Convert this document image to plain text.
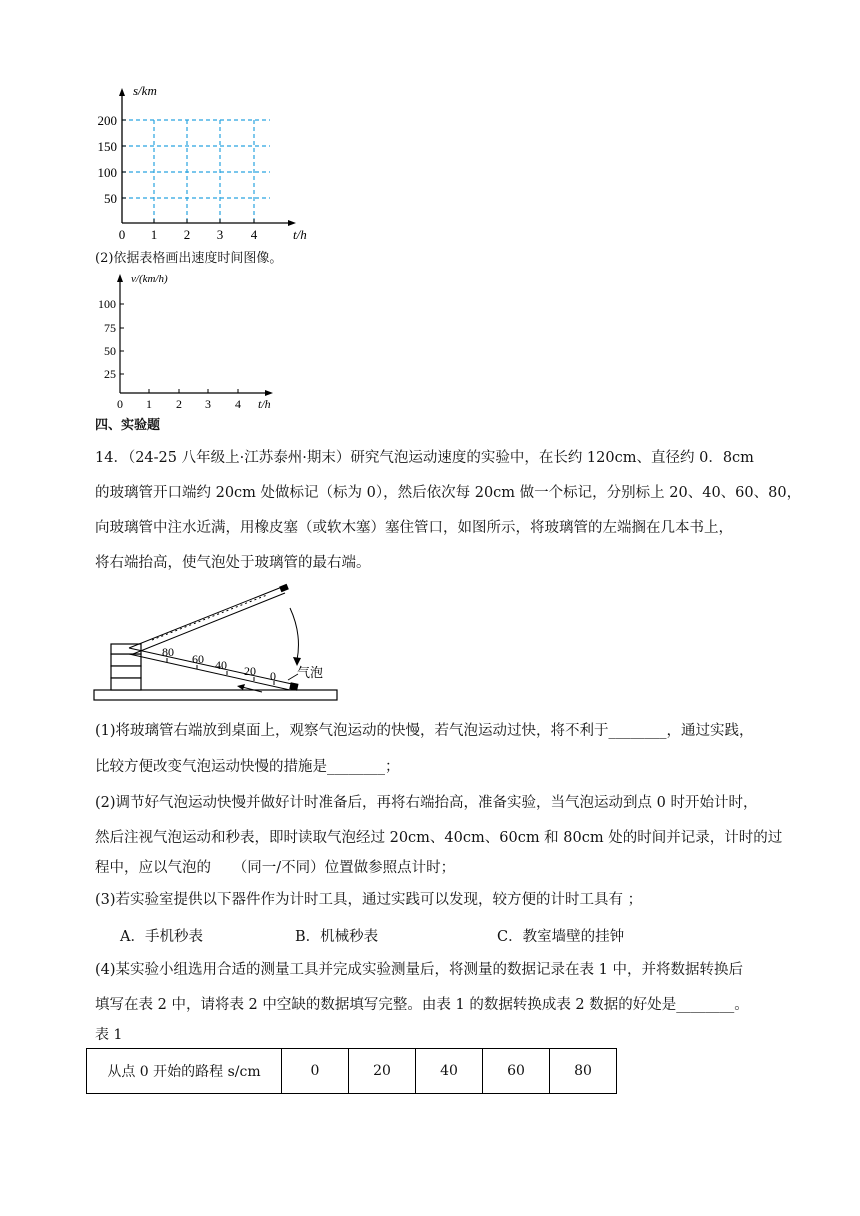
s/km
t/h
200
150
100
50
0 1 2 3 4
(2)依据表格画出速度时间图像。
v/(km/h)
t/h
100
75
50
25
0 1 2 3 4
四、实验题
14．（24-25 八年级上·江苏泰州·期末）研究气泡运动速度的实验中，在长约 120cm、直径约 0．8cm
的玻璃管开口端约 20cm 处做标记（标为 0），然后依次每 20cm 做一个标记，分别标上 20、40、60、80，
向玻璃管中注水近满，用橡皮塞（或软木塞）塞住管口，如图所示，将玻璃管的左端搁在几本书上，
将右端抬高，使气泡处于玻璃管的最右端。
80 60 40 20 0 气泡
(1)将玻璃管右端放到桌面上，观察气泡运动的快慢，若气泡运动过快，将不利于________，通过实践，
比较方便改变气泡运动快慢的措施是________；
(2)调节好气泡运动快慢并做好计时准备后，再将右端抬高，准备实验，当气泡运动到点 0 时开始计时，
然后注视气泡运动和秒表，即时读取气泡经过 20cm、40cm、60cm 和 80cm 处的时间并记录，计时的过
程中，应以气泡的　　（同一/不同）位置做参照点计时；
(3)若实验室提供以下器件作为计时工具，通过实践可以发现，较方便的计时工具有 ；
A．手机秒表	B．机械秒表	C．教室墙壁的挂钟
(4)某实验小组选用合适的测量工具并完成实验测量后，将测量的数据记录在表 1 中，并将数据转换后
填写在表 2 中，请将表 2 中空缺的数据填写完整。由表 1 的数据转换成表 2 数据的好处是________。
表 1
从点 0 开始的路程 s/cm	0	20	40	60	80
